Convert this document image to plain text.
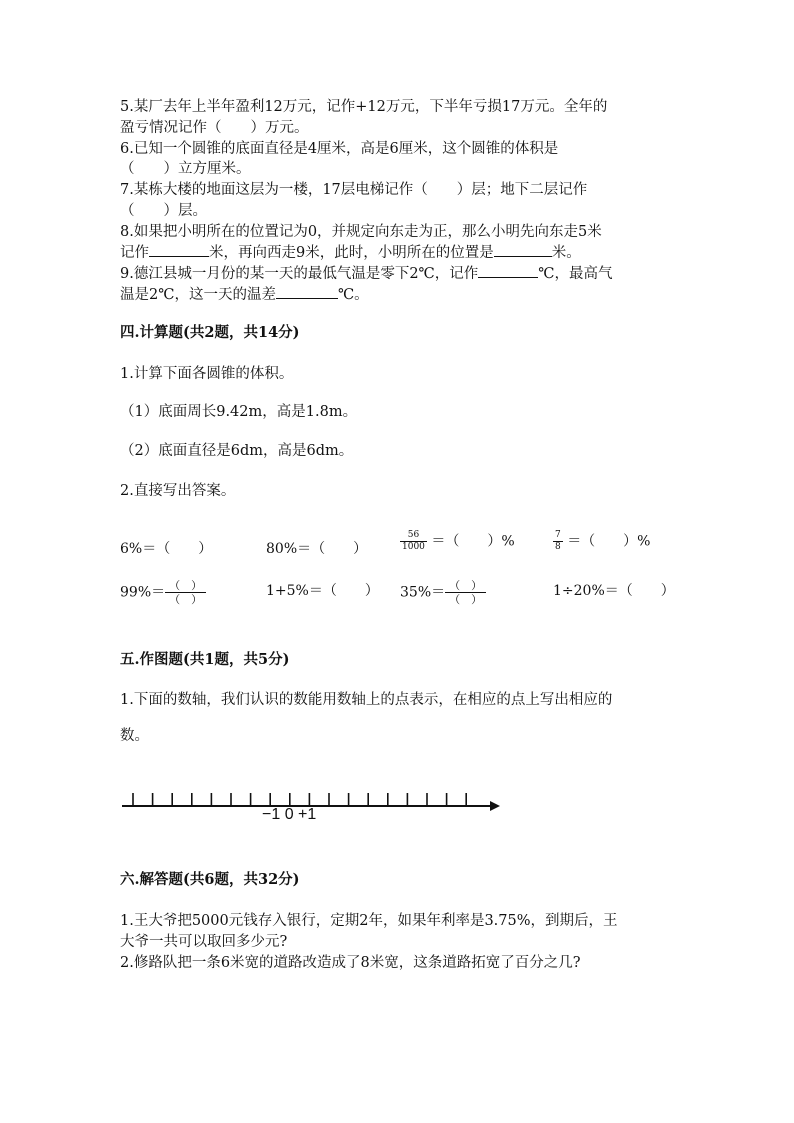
5.某厂去年上半年盈利12万元，记作+12万元，下半年亏损17万元。全年的
盈亏情况记作（　　）万元。
6.已知一个圆锥的底面直径是4厘米，高是6厘米，这个圆锥的体积是
（　　）立方厘米。
7.某栋大楼的地面这层为一楼，17层电梯记作（　　）层；地下二层记作
（　　）层。
8.如果把小明所在的位置记为0，并规定向东走为正，那么小明先向东走5米
记作	米，再向西走9米，此时，小明所在的位置是	米。
9.德江县城一月份的某一天的最低气温是零下2℃，记作	℃，最高气
温是2℃，这一天的温差	℃。
四.计算题(共2题，共14分)
1.计算下面各圆锥的体积。
（1）底面周长9.42m，高是1.8m。
（2）底面直径是6dm，高是6dm。
2.直接写出答案。
6%＝（　　）	80%＝（　　）	$\frac{56}{1000}$ ＝（　　）%	$\frac{7}{8}$ ＝（　　）%
$99\%= \frac{( )}{( )}$	1+5%＝（　　） $35\%= \frac{( )}{( )}$	1÷20%＝（　　）
五.作图题(共1题，共5分)
1.下面的数轴，我们认识的数能用数轴上的点表示，在相应的点上写出相应的
数。
−1 0 +1
六.解答题(共6题，共32分)
1.王大爷把5000元钱存入银行，定期2年，如果年利率是3.75%，到期后，王
大爷一共可以取回多少元?
2.修路队把一条6米宽的道路改造成了8米宽，这条道路拓宽了百分之几?
